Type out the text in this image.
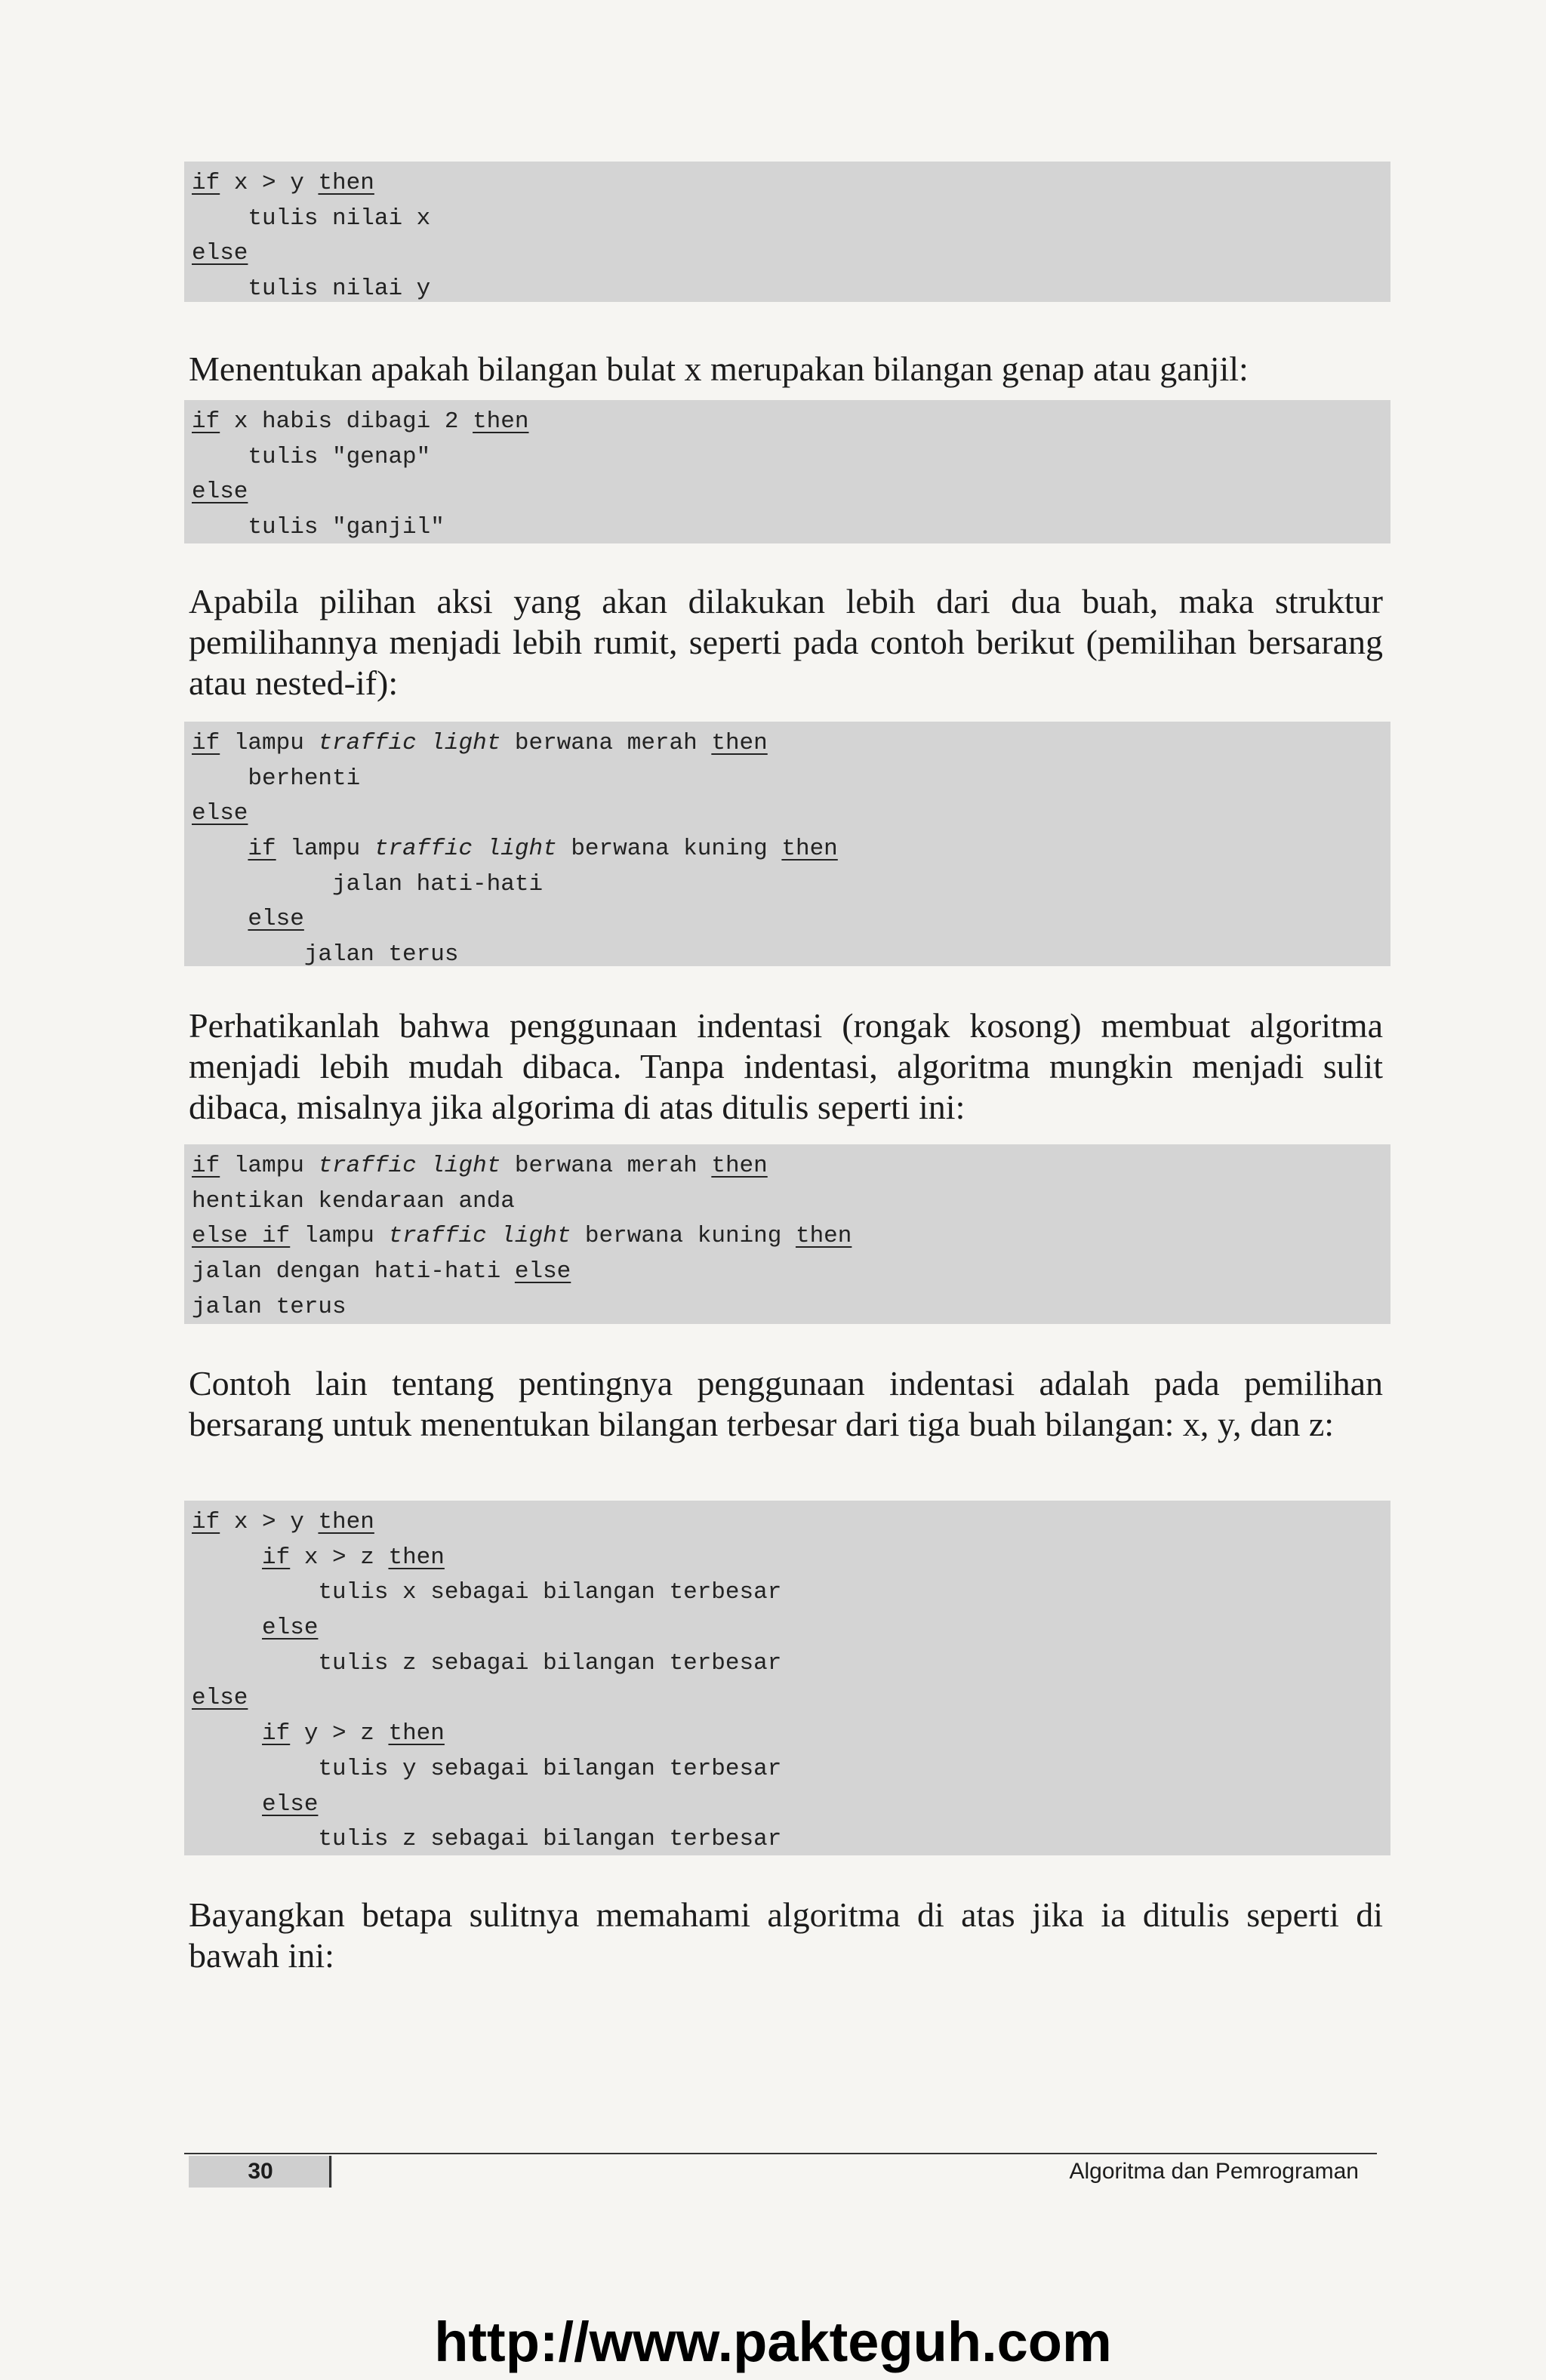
if x > y then
tulis nilai x
else
tulis nilai y

Menentukan apakah bilangan bulat x merupakan bilangan genap atau ganjil:

if x habis dibagi 2 then
tulis "genap"
else
tulis "ganjil"

Apabila pilihan aksi yang akan dilakukan lebih dari dua buah, maka struktur pemilihannya menjadi lebih rumit, seperti pada contoh berikut (pemilihan bersarang atau nested-if):

if lampu traffic light berwana merah then
berhenti
else
if lampu traffic light berwana kuning then
jalan hati-hati
else
jalan terus

Perhatikanlah bahwa penggunaan indentasi (rongak kosong) membuat algoritma menjadi lebih mudah dibaca. Tanpa indentasi, algoritma mungkin menjadi sulit dibaca, misalnya jika algorima di atas ditulis seperti ini:

if lampu traffic light berwana merah then
hentikan kendaraan anda
else if lampu traffic light berwana kuning then
jalan dengan hati-hati else
jalan terus

Contoh lain tentang pentingnya penggunaan indentasi adalah pada pemilihan bersarang untuk menentukan bilangan terbesar dari tiga buah bilangan: x, y, dan z:

if x > y then
if x > z then
tulis x sebagai bilangan terbesar
else
tulis z sebagai bilangan terbesar
else
if y > z then
tulis y sebagai bilangan terbesar
else
tulis z sebagai bilangan terbesar

Bayangkan betapa sulitnya memahami algoritma di atas jika ia ditulis seperti di bawah ini:

30	Algoritma dan Pemrograman
http://www.pakteguh.com
